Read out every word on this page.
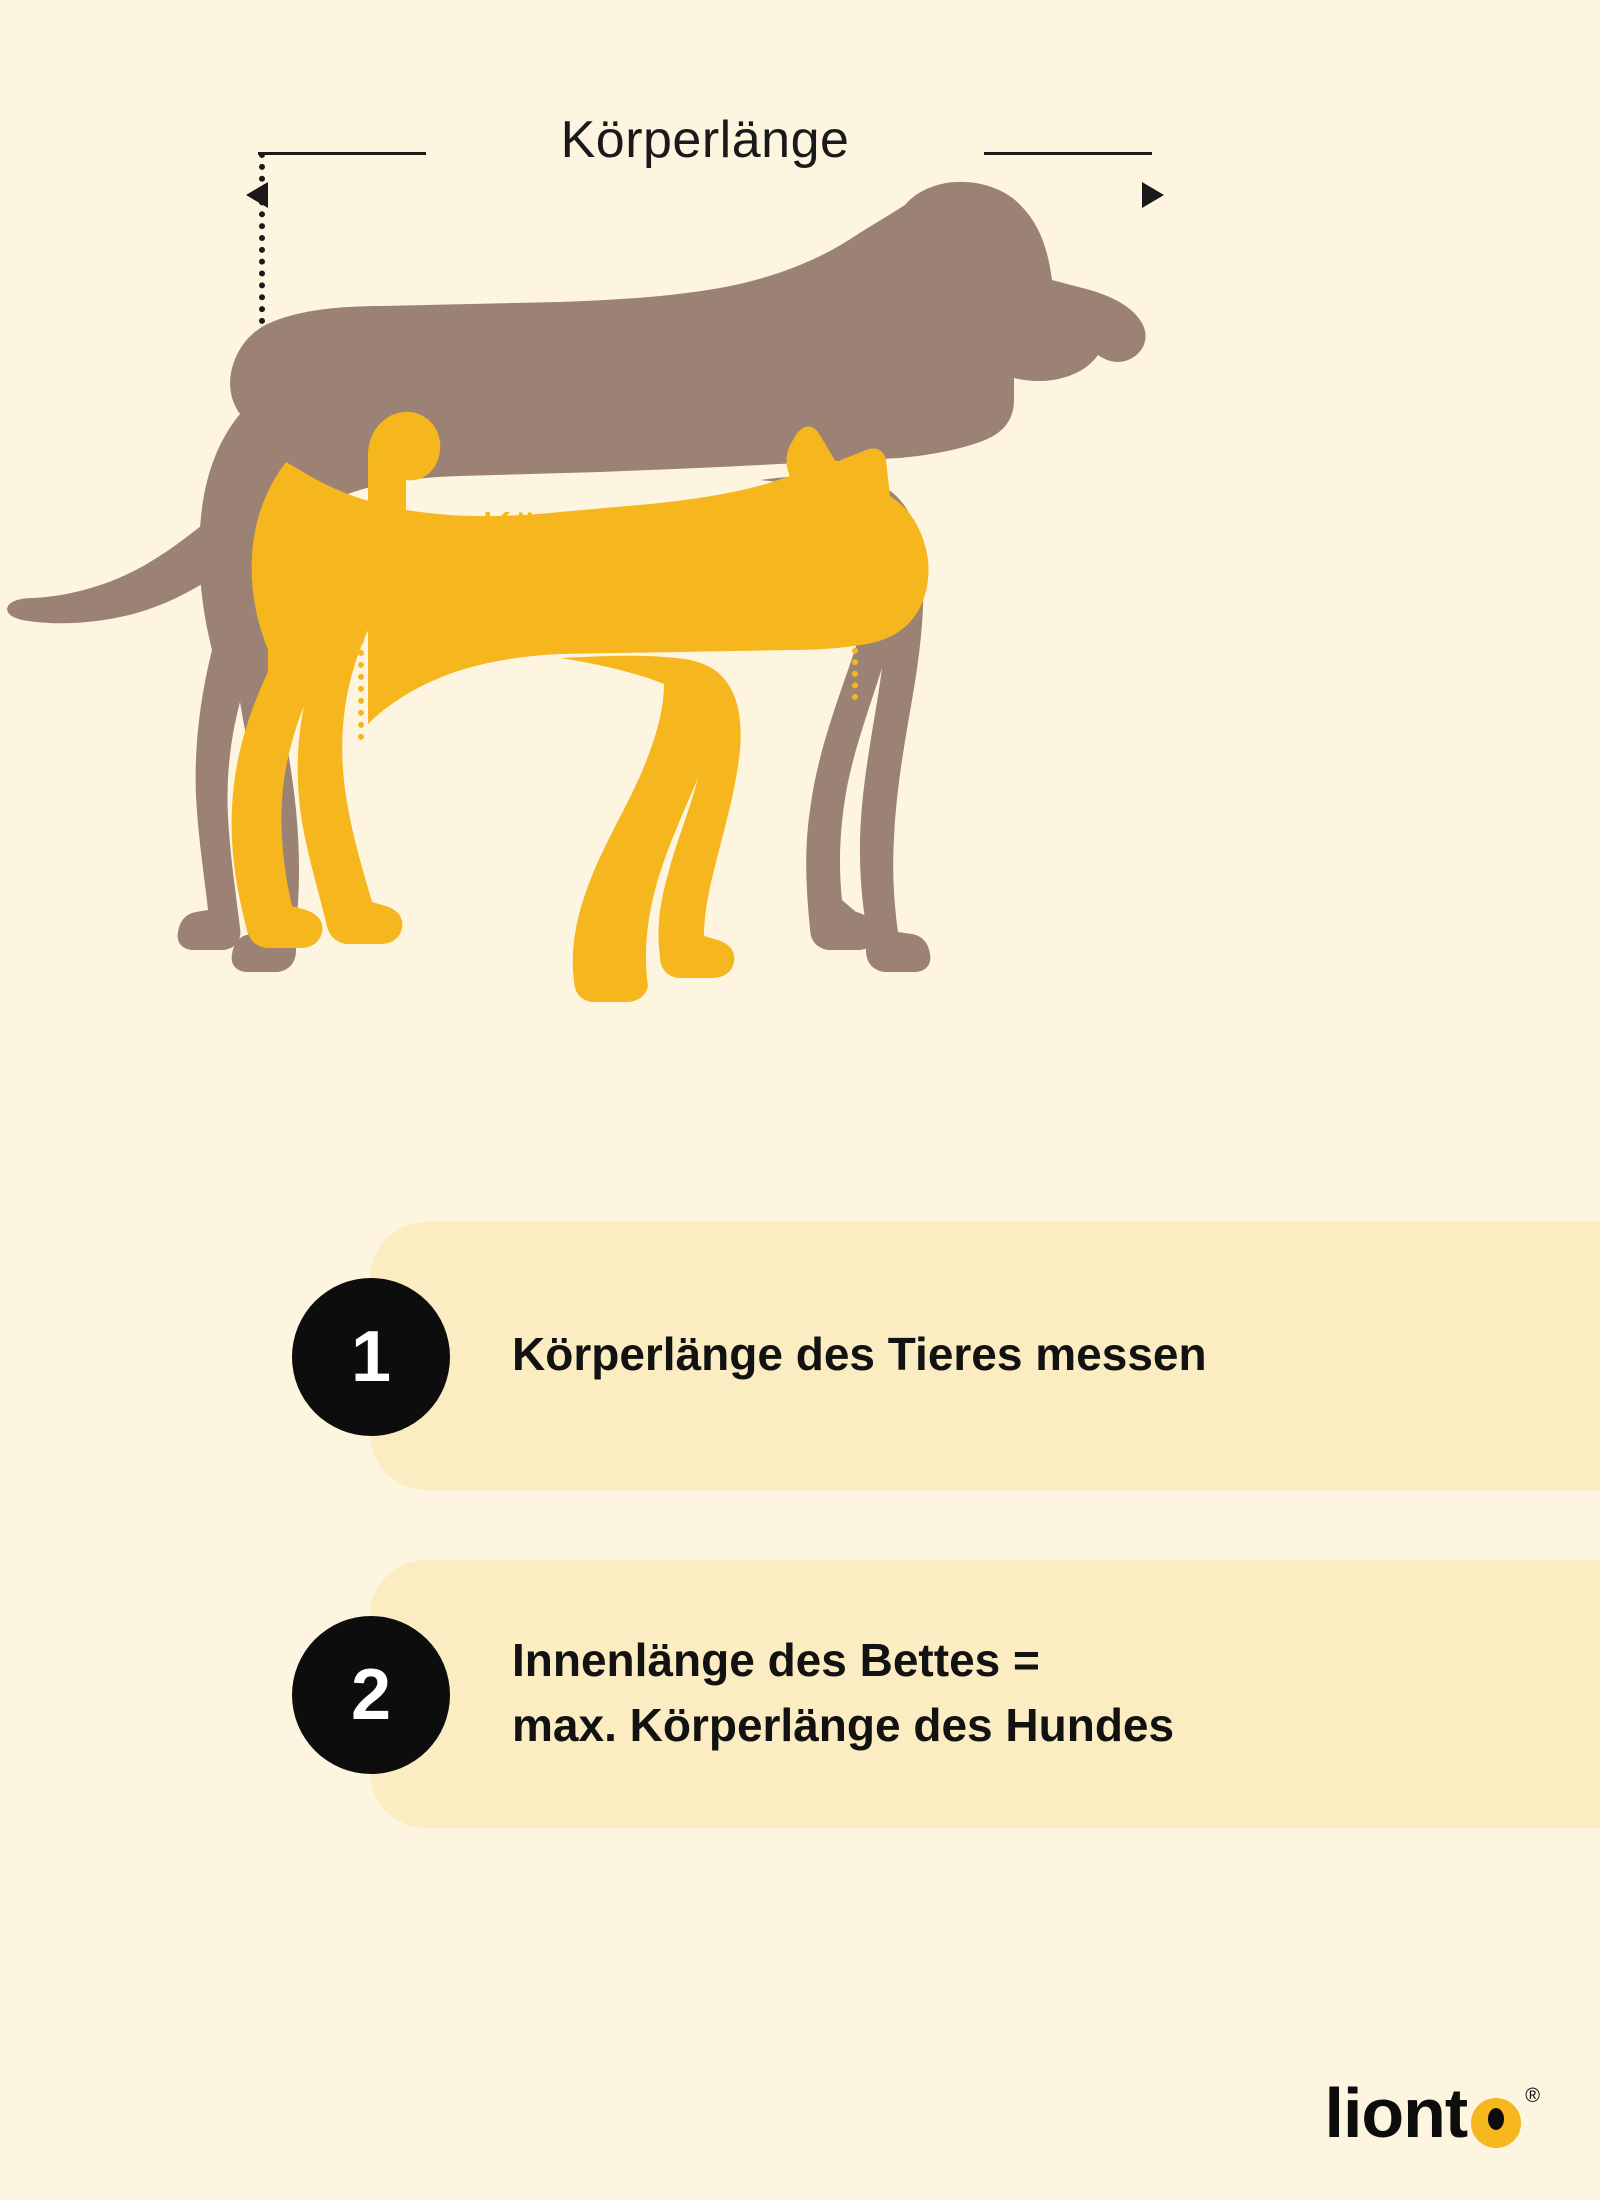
Körperlänge
Körperlänge
1	Körperlänge des Tieres messen
2	Innenlänge des Bettes =
max. Körperlänge des Hundes
liont	®
